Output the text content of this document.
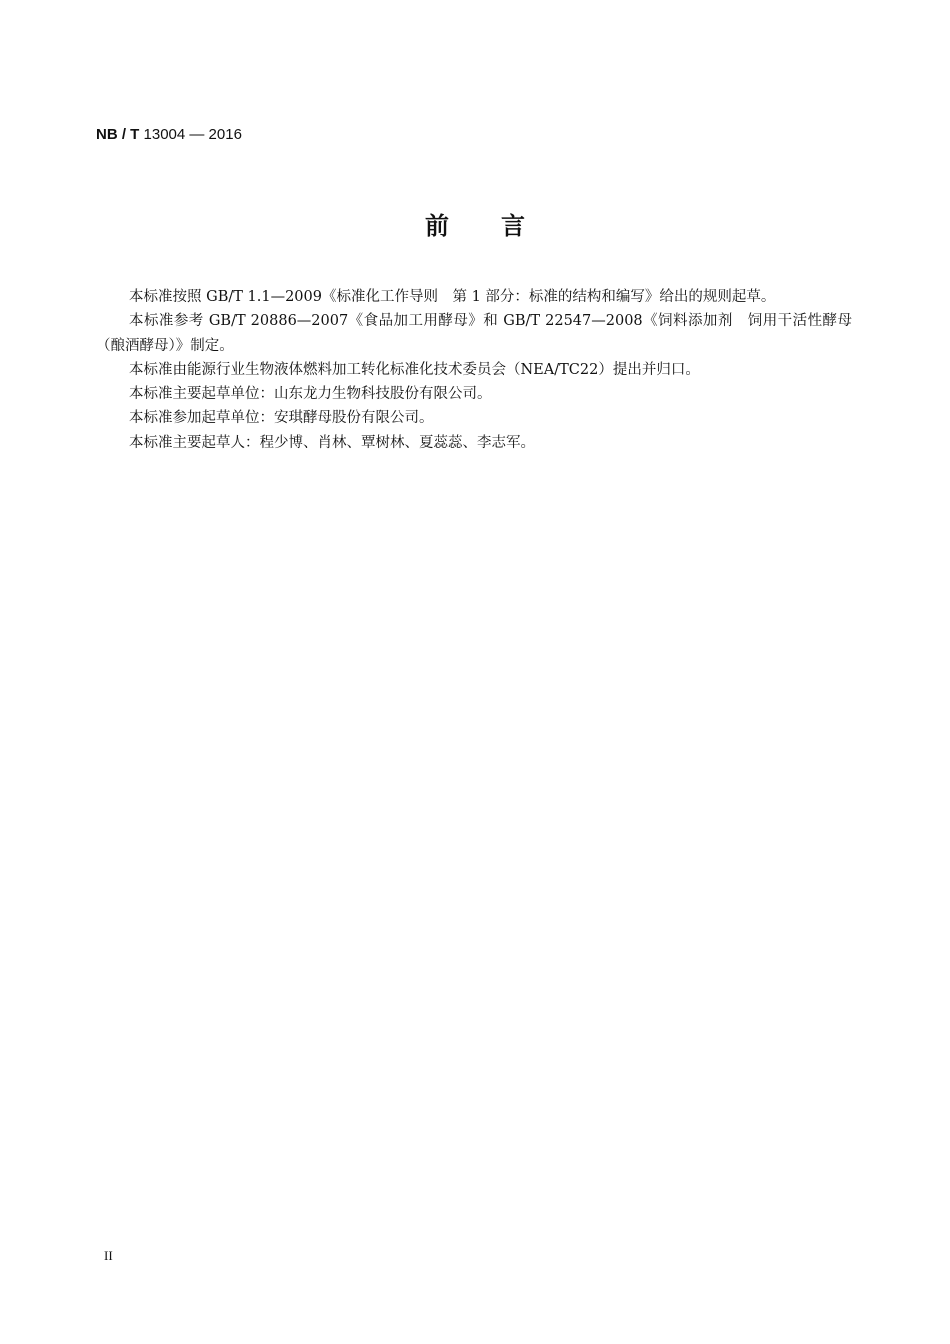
NB / T 13004 — 2016
前言

本标准按照 GB/T 1.1—2009《标准化工作导则　第 1 部分：标准的结构和编写》给出的规则起草。

本标准参考 GB/T 20886—2007《食品加工用酵母》和 GB/T 22547—2008《饲料添加剂　饲用干活性酵母（酿酒酵母）》制定。

本标准由能源行业生物液体燃料加工转化标准化技术委员会（NEA/TC22）提出并归口。

本标准主要起草单位：山东龙力生物科技股份有限公司。

本标准参加起草单位：安琪酵母股份有限公司。

本标准主要起草人：程少博、肖林、覃树林、夏蕊蕊、李志军。

II
